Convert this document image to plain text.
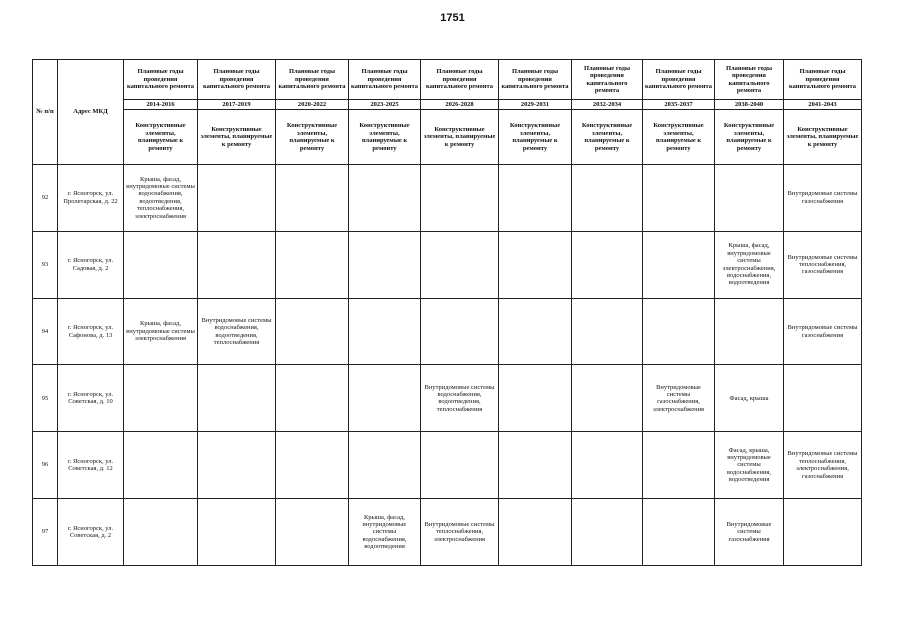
1751
№ п/п	Адрес МКД	Плановые годы проведения капитального ремонта	Плановые годы проведения капитального ремонта	Плановые годы проведения капитального ремонта	Плановые годы проведения капитального ремонта	Плановые годы проведения капитального ремонта	Плановые годы проведения капитального ремонта	Плановые годы проведения капитального ремонта	Плановые годы проведения капитального ремонта	Плановые годы проведения капитального ремонта	Плановые годы проведения капитального ремонта
		2014-2016	2017-2019	2020-2022	2023-2025	2026-2028	2029-2031	2032-2034	2035-2037	2038-2040	2041-2043
		Конструктивные элементы, планируемые к ремонту	Конструктивные элементы, планируемые к ремонту	Конструктивные элементы, планируемые к ремонту	Конструктивные элементы, планируемые к ремонту	Конструктивные элементы, планируемые к ремонту	Конструктивные элементы, планируемые к ремонту	Конструктивные элементы, планируемые к ремонту	Конструктивные элементы, планируемые к ремонту	Конструктивные элементы, планируемые к ремонту	Конструктивные элементы, планируемые к ремонту
92	г. Ясногорск, ул. Пролетарская, д. 22	Крыша, фасад, внутридомовые системы водоснабжения, водоотведения, теплоснабжения, электроснабжения									Внутридомовые системы газоснабжения
93	г. Ясногорск, ул. Садовая, д. 2									Крыша, фасад, внутридомовые системы электроснабжения, водоснабжения, водоотведения	Внутридомовые системы теплоснабжения, газоснабжения
94	г. Ясногорск, ул. Сафонова, д. 13	Крыша, фасад, внутридомовые системы электроснабжения	Внутридомовые системы водоснабжения, водоотведения, теплоснабжения								Внутридомовые системы газоснабжения
95	г. Ясногорск, ул. Советская, д. 10					Внутридомовые системы водоснабжения, водоотведения, теплоснабжения			Внутридомовые системы газоснабжения, электроснабжения	Фасад, крыша	
96	г. Ясногорск, ул. Советская, д. 12									Фасад, крыша, внутридомовые системы водоснабжения, водоотведения	Внутридомовые системы теплоснабжения, электроснабжения, газоснабжения
97	г. Ясногорск, ул. Советская, д. 2				Крыша, фасад, внутридомовые системы водоснабжения, водоотведения	Внутридомовые системы теплоснабжения, электроснабжения				Внутридомовые системы газоснабжения	
